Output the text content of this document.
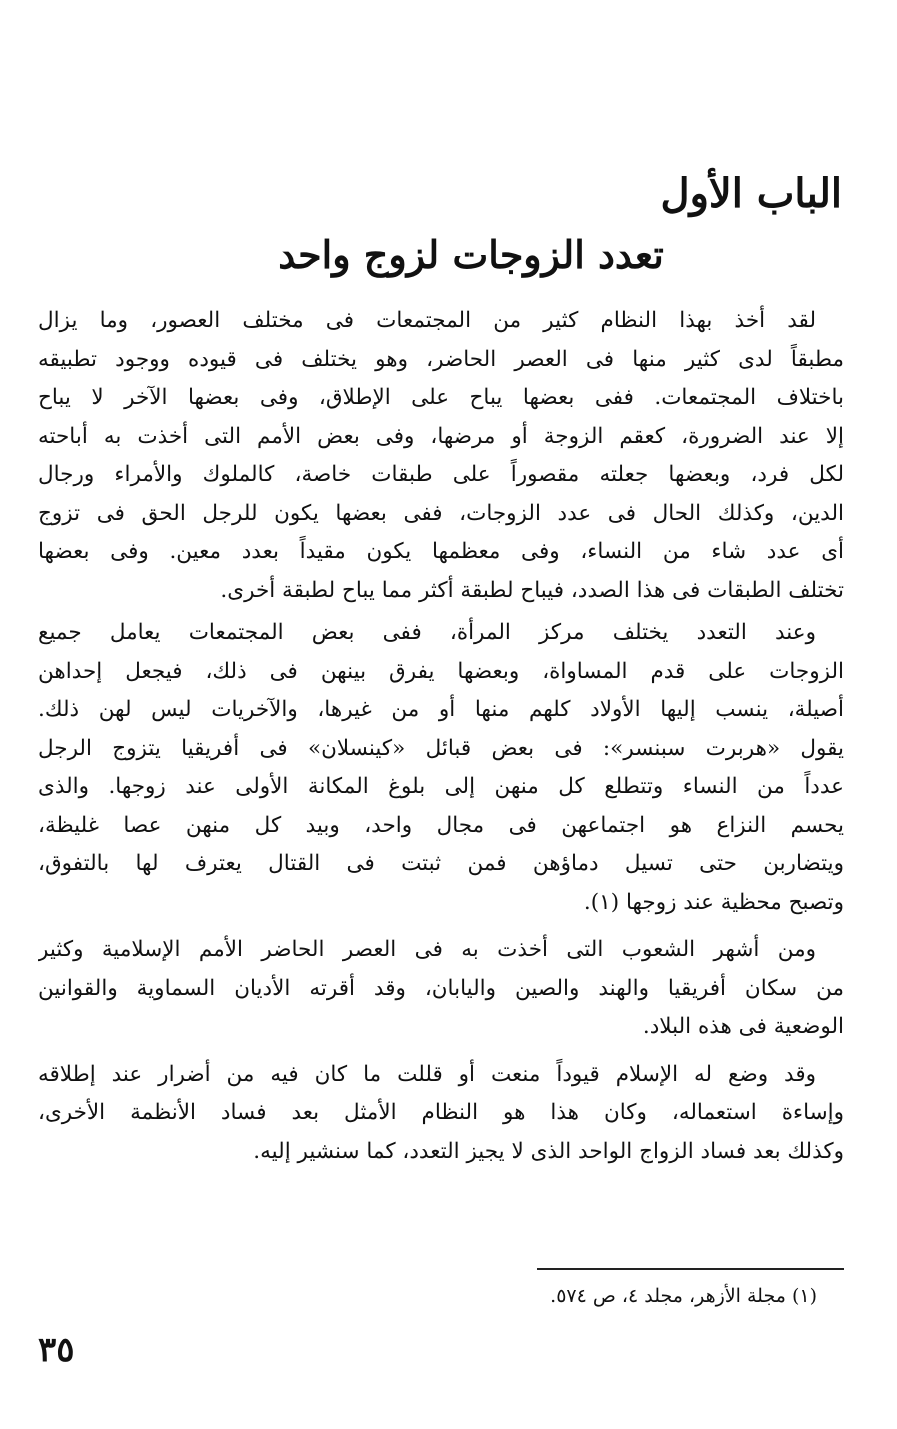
الباب الأول
تعدد الزوجات لزوج واحد
لقد أخذ بهذا النظام كثير من المجتمعات فى مختلف العصور، وما يزال
مطبقاً لدى كثير منها فى العصر الحاضر، وهو يختلف فى قيوده ووجود تطبيقه
باختلاف المجتمعات. ففى بعضها يباح على الإطلاق، وفى بعضها الآخر لا يباح
إلا عند الضرورة، كعقم الزوجة أو مرضها، وفى بعض الأمم التى أخذت به أباحته
لكل فرد، وبعضها جعلته مقصوراً على طبقات خاصة، كالملوك والأمراء ورجال
الدين، وكذلك الحال فى عدد الزوجات، ففى بعضها يكون للرجل الحق فى تزوج
أى عدد شاء من النساء، وفى معظمها يكون مقيداً بعدد معين. وفى بعضها
تختلف الطبقات فى هذا الصدد، فيباح لطبقة أكثر مما يباح لطبقة أخرى.
وعند التعدد يختلف مركز المرأة، ففى بعض المجتمعات يعامل جميع
الزوجات على قدم المساواة، وبعضها يفرق بينهن فى ذلك، فيجعل إحداهن
أصيلة، ينسب إليها الأولاد كلهم منها أو من غيرها، والآخريات ليس لهن ذلك.
يقول «هربرت سبنسر»: فى بعض قبائل «كينسلان» فى أفريقيا يتزوج الرجل
عدداً من النساء وتتطلع كل منهن إلى بلوغ المكانة الأولى عند زوجها. والذى
يحسم النزاع هو اجتماعهن فى مجال واحد، وبيد كل منهن عصا غليظة،
ويتضاربن حتى تسيل دماؤهن فمن ثبتت فى القتال يعترف لها بالتفوق،
وتصبح محظية عند زوجها (١).
ومن أشهر الشعوب التى أخذت به فى العصر الحاضر الأمم الإسلامية وكثير
من سكان أفريقيا والهند والصين واليابان، وقد أقرته الأديان السماوية والقوانين
الوضعية فى هذه البلاد.
وقد وضع له الإسلام قيوداً منعت أو قللت ما كان فيه من أضرار عند إطلاقه
وإساءة استعماله، وكان هذا هو النظام الأمثل بعد فساد الأنظمة الأخرى،
وكذلك بعد فساد الزواج الواحد الذى لا يجيز التعدد، كما سنشير إليه.
(١) مجلة الأزهر، مجلد ٤، ص ٥٧٤.
٣٥
